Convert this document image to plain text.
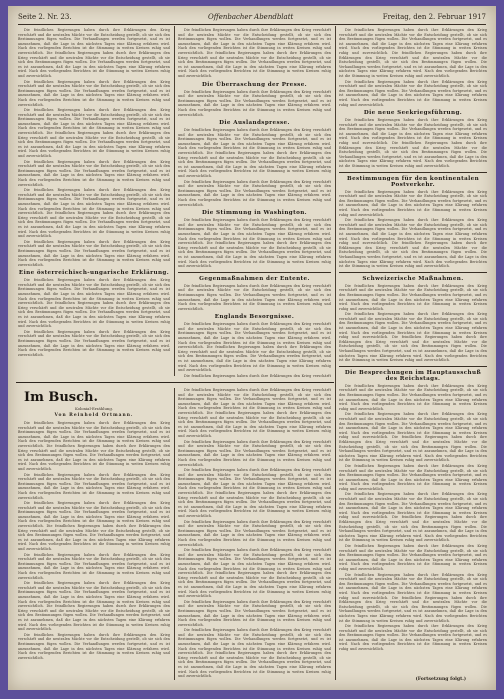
Seite 2. Nr. 23.	Offenbacher Abendblatt	Freitag, den 2. Februar 1917

Die feindlichen Regierungen haben durch ihre Erklärungen den Krieg verschärft und die neutralen Mächte vor die Entscheidung gestellt, ob sie sich den Bestimmungen fügen wollen. Die Verhandlungen werden fortgesetzt, und es ist anzunehmen, daß die Lage in den nächsten Tagen eine Klärung erfahren wird. Nach den vorliegenden Berichten ist die Stimmung in weiten Kreisen ruhig und zuversichtlich. Die feindlichen Regierungen haben durch ihre Erklärungen den Krieg verschärft und die neutralen Mächte vor die Entscheidung gestellt, ob sie sich den Bestimmungen fügen wollen. Die Verhandlungen werden fortgesetzt, und es ist anzunehmen, daß die Lage in den nächsten Tagen eine Klärung erfahren wird. Nach den vorliegenden Berichten ist die Stimmung in weiten Kreisen ruhig und zuversichtlich.

Die feindlichen Regierungen haben durch ihre Erklärungen den Krieg verschärft und die neutralen Mächte vor die Entscheidung gestellt, ob sie sich den Bestimmungen fügen wollen. Die Verhandlungen werden fortgesetzt, und es ist anzunehmen, daß die Lage in den nächsten Tagen eine Klärung erfahren wird. Nach den vorliegenden Berichten ist die Stimmung in weiten Kreisen ruhig und zuversichtlich.

Die feindlichen Regierungen haben durch ihre Erklärungen den Krieg verschärft und die neutralen Mächte vor die Entscheidung gestellt, ob sie sich den Bestimmungen fügen wollen. Die Verhandlungen werden fortgesetzt, und es ist anzunehmen, daß die Lage in den nächsten Tagen eine Klärung erfahren wird. Nach den vorliegenden Berichten ist die Stimmung in weiten Kreisen ruhig und zuversichtlich. Die feindlichen Regierungen haben durch ihre Erklärungen den Krieg verschärft und die neutralen Mächte vor die Entscheidung gestellt, ob sie sich den Bestimmungen fügen wollen. Die Verhandlungen werden fortgesetzt, und es ist anzunehmen, daß die Lage in den nächsten Tagen eine Klärung erfahren wird. Nach den vorliegenden Berichten ist die Stimmung in weiten Kreisen ruhig und zuversichtlich.

Die feindlichen Regierungen haben durch ihre Erklärungen den Krieg verschärft und die neutralen Mächte vor die Entscheidung gestellt, ob sie sich den Bestimmungen fügen wollen. Die Verhandlungen werden fortgesetzt, und es ist anzunehmen, daß die Lage in den nächsten Tagen eine Klärung erfahren wird. Nach den vorliegenden Berichten ist die Stimmung in weiten Kreisen ruhig und zuversichtlich.

Die feindlichen Regierungen haben durch ihre Erklärungen den Krieg verschärft und die neutralen Mächte vor die Entscheidung gestellt, ob sie sich den Bestimmungen fügen wollen. Die Verhandlungen werden fortgesetzt, und es ist anzunehmen, daß die Lage in den nächsten Tagen eine Klärung erfahren wird. Nach den vorliegenden Berichten ist die Stimmung in weiten Kreisen ruhig und zuversichtlich. Die feindlichen Regierungen haben durch ihre Erklärungen den Krieg verschärft und die neutralen Mächte vor die Entscheidung gestellt, ob sie sich den Bestimmungen fügen wollen. Die Verhandlungen werden fortgesetzt, und es ist anzunehmen, daß die Lage in den nächsten Tagen eine Klärung erfahren wird. Nach den vorliegenden Berichten ist die Stimmung in weiten Kreisen ruhig und zuversichtlich.

Die feindlichen Regierungen haben durch ihre Erklärungen den Krieg verschärft und die neutralen Mächte vor die Entscheidung gestellt, ob sie sich den Bestimmungen fügen wollen. Die Verhandlungen werden fortgesetzt, und es ist anzunehmen, daß die Lage in den nächsten Tagen eine Klärung erfahren wird. Nach den vorliegenden Berichten ist die Stimmung in weiten Kreisen ruhig und zuversichtlich.

Eine österreichisch-ungarische Erklärung.

Die feindlichen Regierungen haben durch ihre Erklärungen den Krieg verschärft und die neutralen Mächte vor die Entscheidung gestellt, ob sie sich den Bestimmungen fügen wollen. Die Verhandlungen werden fortgesetzt, und es ist anzunehmen, daß die Lage in den nächsten Tagen eine Klärung erfahren wird. Nach den vorliegenden Berichten ist die Stimmung in weiten Kreisen ruhig und zuversichtlich. Die feindlichen Regierungen haben durch ihre Erklärungen den Krieg verschärft und die neutralen Mächte vor die Entscheidung gestellt, ob sie sich den Bestimmungen fügen wollen. Die Verhandlungen werden fortgesetzt, und es ist anzunehmen, daß die Lage in den nächsten Tagen eine Klärung erfahren wird. Nach den vorliegenden Berichten ist die Stimmung in weiten Kreisen ruhig und zuversichtlich.

Die feindlichen Regierungen haben durch ihre Erklärungen den Krieg verschärft und die neutralen Mächte vor die Entscheidung gestellt, ob sie sich den Bestimmungen fügen wollen. Die Verhandlungen werden fortgesetzt, und es ist anzunehmen, daß die Lage in den nächsten Tagen eine Klärung erfahren wird. Nach den vorliegenden Berichten ist die Stimmung in weiten Kreisen ruhig und zuversichtlich.

Die feindlichen Regierungen haben durch ihre Erklärungen den Krieg verschärft und die neutralen Mächte vor die Entscheidung gestellt, ob sie sich den Bestimmungen fügen wollen. Die Verhandlungen werden fortgesetzt, und es ist anzunehmen, daß die Lage in den nächsten Tagen eine Klärung erfahren wird. Nach den vorliegenden Berichten ist die Stimmung in weiten Kreisen ruhig und zuversichtlich. Die feindlichen Regierungen haben durch ihre Erklärungen den Krieg verschärft und die neutralen Mächte vor die Entscheidung gestellt, ob sie sich den Bestimmungen fügen wollen. Die Verhandlungen werden fortgesetzt, und es ist anzunehmen, daß die Lage in den nächsten Tagen eine Klärung erfahren wird. Nach den vorliegenden Berichten ist die Stimmung in weiten Kreisen ruhig und zuversichtlich.

Die Überraschung der Presse.

Die feindlichen Regierungen haben durch ihre Erklärungen den Krieg verschärft und die neutralen Mächte vor die Entscheidung gestellt, ob sie sich den Bestimmungen fügen wollen. Die Verhandlungen werden fortgesetzt, und es ist anzunehmen, daß die Lage in den nächsten Tagen eine Klärung erfahren wird. Nach den vorliegenden Berichten ist die Stimmung in weiten Kreisen ruhig und zuversichtlich.

Die Auslandspresse.

Die feindlichen Regierungen haben durch ihre Erklärungen den Krieg verschärft und die neutralen Mächte vor die Entscheidung gestellt, ob sie sich den Bestimmungen fügen wollen. Die Verhandlungen werden fortgesetzt, und es ist anzunehmen, daß die Lage in den nächsten Tagen eine Klärung erfahren wird. Nach den vorliegenden Berichten ist die Stimmung in weiten Kreisen ruhig und zuversichtlich. Die feindlichen Regierungen haben durch ihre Erklärungen den Krieg verschärft und die neutralen Mächte vor die Entscheidung gestellt, ob sie sich den Bestimmungen fügen wollen. Die Verhandlungen werden fortgesetzt, und es ist anzunehmen, daß die Lage in den nächsten Tagen eine Klärung erfahren wird. Nach den vorliegenden Berichten ist die Stimmung in weiten Kreisen ruhig und zuversichtlich.

Die feindlichen Regierungen haben durch ihre Erklärungen den Krieg verschärft und die neutralen Mächte vor die Entscheidung gestellt, ob sie sich den Bestimmungen fügen wollen. Die Verhandlungen werden fortgesetzt, und es ist anzunehmen, daß die Lage in den nächsten Tagen eine Klärung erfahren wird. Nach den vorliegenden Berichten ist die Stimmung in weiten Kreisen ruhig und zuversichtlich.

Die Stimmung in Washington.

Die feindlichen Regierungen haben durch ihre Erklärungen den Krieg verschärft und die neutralen Mächte vor die Entscheidung gestellt, ob sie sich den Bestimmungen fügen wollen. Die Verhandlungen werden fortgesetzt, und es ist anzunehmen, daß die Lage in den nächsten Tagen eine Klärung erfahren wird. Nach den vorliegenden Berichten ist die Stimmung in weiten Kreisen ruhig und zuversichtlich. Die feindlichen Regierungen haben durch ihre Erklärungen den Krieg verschärft und die neutralen Mächte vor die Entscheidung gestellt, ob sie sich den Bestimmungen fügen wollen. Die Verhandlungen werden fortgesetzt, und es ist anzunehmen, daß die Lage in den nächsten Tagen eine Klärung erfahren wird. Nach den vorliegenden Berichten ist die Stimmung in weiten Kreisen ruhig und zuversichtlich.

Gegenmaßnahmen der Entente.

Die feindlichen Regierungen haben durch ihre Erklärungen den Krieg verschärft und die neutralen Mächte vor die Entscheidung gestellt, ob sie sich den Bestimmungen fügen wollen. Die Verhandlungen werden fortgesetzt, und es ist anzunehmen, daß die Lage in den nächsten Tagen eine Klärung erfahren wird. Nach den vorliegenden Berichten ist die Stimmung in weiten Kreisen ruhig und zuversichtlich.

Englands Besorgnisse.

Die feindlichen Regierungen haben durch ihre Erklärungen den Krieg verschärft und die neutralen Mächte vor die Entscheidung gestellt, ob sie sich den Bestimmungen fügen wollen. Die Verhandlungen werden fortgesetzt, und es ist anzunehmen, daß die Lage in den nächsten Tagen eine Klärung erfahren wird. Nach den vorliegenden Berichten ist die Stimmung in weiten Kreisen ruhig und zuversichtlich. Die feindlichen Regierungen haben durch ihre Erklärungen den Krieg verschärft und die neutralen Mächte vor die Entscheidung gestellt, ob sie sich den Bestimmungen fügen wollen. Die Verhandlungen werden fortgesetzt, und es ist anzunehmen, daß die Lage in den nächsten Tagen eine Klärung erfahren wird. Nach den vorliegenden Berichten ist die Stimmung in weiten Kreisen ruhig und zuversichtlich.

Die feindlichen Regierungen haben durch ihre Erklärungen den Krieg verschärft

Die feindlichen Regierungen haben durch ihre Erklärungen den Krieg verschärft und die neutralen Mächte vor die Entscheidung gestellt, ob sie sich den Bestimmungen fügen wollen. Die Verhandlungen werden fortgesetzt, und es ist anzunehmen, daß die Lage in den nächsten Tagen eine Klärung erfahren wird. Nach den vorliegenden Berichten ist die Stimmung in weiten Kreisen ruhig und zuversichtlich. Die feindlichen Regierungen haben durch ihre Erklärungen den Krieg verschärft und die neutralen Mächte vor die Entscheidung gestellt, ob sie sich den Bestimmungen fügen wollen. Die Verhandlungen werden fortgesetzt, und es ist anzunehmen, daß die Lage in den nächsten Tagen eine Klärung erfahren wird. Nach den vorliegenden Berichten ist die Stimmung in weiten Kreisen ruhig und zuversichtlich.

Die feindlichen Regierungen haben durch ihre Erklärungen den Krieg verschärft und die neutralen Mächte vor die Entscheidung gestellt, ob sie sich den Bestimmungen fügen wollen. Die Verhandlungen werden fortgesetzt, und es ist anzunehmen, daß die Lage in den nächsten Tagen eine Klärung erfahren wird. Nach den vorliegenden Berichten ist die Stimmung in weiten Kreisen ruhig und zuversichtlich.

Die neue Seekriegsführung.

Die feindlichen Regierungen haben durch ihre Erklärungen den Krieg verschärft und die neutralen Mächte vor die Entscheidung gestellt, ob sie sich den Bestimmungen fügen wollen. Die Verhandlungen werden fortgesetzt, und es ist anzunehmen, daß die Lage in den nächsten Tagen eine Klärung erfahren wird. Nach den vorliegenden Berichten ist die Stimmung in weiten Kreisen ruhig und zuversichtlich. Die feindlichen Regierungen haben durch ihre Erklärungen den Krieg verschärft und die neutralen Mächte vor die Entscheidung gestellt, ob sie sich den Bestimmungen fügen wollen. Die Verhandlungen werden fortgesetzt, und es ist anzunehmen, daß die Lage in den nächsten Tagen eine Klärung erfahren wird. Nach den vorliegenden Berichten ist die Stimmung in weiten Kreisen ruhig und zuversichtlich.

Bestimmungen für den kontinentalen Postverkehr.

Die feindlichen Regierungen haben durch ihre Erklärungen den Krieg verschärft und die neutralen Mächte vor die Entscheidung gestellt, ob sie sich den Bestimmungen fügen wollen. Die Verhandlungen werden fortgesetzt, und es ist anzunehmen, daß die Lage in den nächsten Tagen eine Klärung erfahren wird. Nach den vorliegenden Berichten ist die Stimmung in weiten Kreisen ruhig und zuversichtlich.

Die feindlichen Regierungen haben durch ihre Erklärungen den Krieg verschärft und die neutralen Mächte vor die Entscheidung gestellt, ob sie sich den Bestimmungen fügen wollen. Die Verhandlungen werden fortgesetzt, und es ist anzunehmen, daß die Lage in den nächsten Tagen eine Klärung erfahren wird. Nach den vorliegenden Berichten ist die Stimmung in weiten Kreisen ruhig und zuversichtlich. Die feindlichen Regierungen haben durch ihre Erklärungen den Krieg verschärft und die neutralen Mächte vor die Entscheidung gestellt, ob sie sich den Bestimmungen fügen wollen. Die Verhandlungen werden fortgesetzt, und es ist anzunehmen, daß die Lage in den nächsten Tagen eine Klärung erfahren wird. Nach den vorliegenden Berichten ist die Stimmung in weiten Kreisen ruhig und zuversichtlich.

Schweizerische Maßnahmen.

Die feindlichen Regierungen haben durch ihre Erklärungen den Krieg verschärft und die neutralen Mächte vor die Entscheidung gestellt, ob sie sich den Bestimmungen fügen wollen. Die Verhandlungen werden fortgesetzt, und es ist anzunehmen, daß die Lage in den nächsten Tagen eine Klärung erfahren wird. Nach den vorliegenden Berichten ist die Stimmung in weiten Kreisen ruhig und zuversichtlich.

Die feindlichen Regierungen haben durch ihre Erklärungen den Krieg verschärft und die neutralen Mächte vor die Entscheidung gestellt, ob sie sich den Bestimmungen fügen wollen. Die Verhandlungen werden fortgesetzt, und es ist anzunehmen, daß die Lage in den nächsten Tagen eine Klärung erfahren wird. Nach den vorliegenden Berichten ist die Stimmung in weiten Kreisen ruhig und zuversichtlich. Die feindlichen Regierungen haben durch ihre Erklärungen den Krieg verschärft und die neutralen Mächte vor die Entscheidung gestellt, ob sie sich den Bestimmungen fügen wollen. Die Verhandlungen werden fortgesetzt, und es ist anzunehmen, daß die Lage in den nächsten Tagen eine Klärung erfahren wird. Nach den vorliegenden Berichten ist die Stimmung in weiten Kreisen ruhig und zuversichtlich.

Die Besprechungen im Hauptausschuß des Reichstags.

Die feindlichen Regierungen haben durch ihre Erklärungen den Krieg verschärft und die neutralen Mächte vor die Entscheidung gestellt, ob sie sich den Bestimmungen fügen wollen. Die Verhandlungen werden fortgesetzt, und es ist anzunehmen, daß die Lage in den nächsten Tagen eine Klärung erfahren wird. Nach den vorliegenden Berichten ist die Stimmung in weiten Kreisen ruhig und zuversichtlich.

Die feindlichen Regierungen haben durch ihre Erklärungen den Krieg verschärft und die neutralen Mächte vor die Entscheidung gestellt, ob sie sich den Bestimmungen fügen wollen. Die Verhandlungen werden fortgesetzt, und es ist anzunehmen, daß die Lage in den nächsten Tagen eine Klärung erfahren wird. Nach den vorliegenden Berichten ist die Stimmung in weiten Kreisen ruhig und zuversichtlich. Die feindlichen Regierungen haben durch ihre Erklärungen den Krieg verschärft und die neutralen Mächte vor die Entscheidung gestellt, ob sie sich den Bestimmungen fügen wollen. Die Verhandlungen werden fortgesetzt, und es ist anzunehmen, daß die Lage in den nächsten Tagen eine Klärung erfahren wird. Nach den vorliegenden Berichten ist die Stimmung in weiten Kreisen ruhig und zuversichtlich.

Die feindlichen Regierungen haben durch ihre Erklärungen den Krieg verschärft und die neutralen Mächte vor die Entscheidung gestellt, ob sie sich den Bestimmungen fügen wollen. Die Verhandlungen werden fortgesetzt, und es ist anzunehmen, daß die Lage in den nächsten Tagen eine Klärung erfahren wird. Nach den vorliegenden Berichten ist die Stimmung in weiten Kreisen ruhig und zuversichtlich.

Die feindlichen Regierungen haben durch ihre Erklärungen den Krieg verschärft und die neutralen Mächte vor die Entscheidung gestellt, ob sie sich den Bestimmungen fügen wollen. Die Verhandlungen werden fortgesetzt, und es ist anzunehmen, daß die Lage in den nächsten Tagen eine Klärung erfahren wird. Nach den vorliegenden Berichten ist die Stimmung in weiten Kreisen ruhig und zuversichtlich. Die feindlichen Regierungen haben durch ihre Erklärungen den Krieg verschärft und die neutralen Mächte vor die Entscheidung gestellt, ob sie sich den Bestimmungen fügen wollen. Die Verhandlungen werden fortgesetzt, und es ist anzunehmen, daß die Lage in den nächsten Tagen eine Klärung erfahren wird. Nach den vorliegenden Berichten ist die Stimmung in weiten Kreisen ruhig und zuversichtlich.

Die feindlichen Regierungen haben durch ihre Erklärungen den Krieg verschärft und die neutralen Mächte vor die Entscheidung gestellt, ob sie sich den Bestimmungen fügen wollen. Die Verhandlungen werden fortgesetzt, und es ist anzunehmen, daß die Lage in den nächsten Tagen eine Klärung erfahren wird. Nach den vorliegenden Berichten ist die Stimmung in weiten Kreisen ruhig und zuversichtlich.

Die feindlichen Regierungen haben durch ihre Erklärungen den Krieg verschärft und die neutralen Mächte vor die Entscheidung gestellt, ob sie sich den Bestimmungen fügen wollen. Die Verhandlungen werden fortgesetzt, und es ist anzunehmen, daß die Lage in den nächsten Tagen eine Klärung erfahren wird. Nach den vorliegenden Berichten ist die Stimmung in weiten Kreisen ruhig und zuversichtlich. Die feindlichen Regierungen haben durch ihre Erklärungen den Krieg verschärft und die neutralen Mächte vor die Entscheidung gestellt, ob sie sich den Bestimmungen fügen wollen. Die Verhandlungen werden fortgesetzt, und es ist anzunehmen, daß die Lage in den nächsten Tagen eine Klärung erfahren wird. Nach den vorliegenden Berichten ist die Stimmung in weiten Kreisen ruhig und zuversichtlich.

Die feindlichen Regierungen haben durch ihre Erklärungen den Krieg verschärft und die neutralen Mächte vor die Entscheidung gestellt, ob sie sich den Bestimmungen fügen wollen. Die Verhandlungen werden fortgesetzt, und es ist anzunehmen, daß die Lage in den nächsten Tagen eine Klärung erfahren wird. Nach den vorliegenden Berichten ist die Stimmung in weiten Kreisen ruhig und zuversichtlich.

Im Busch.
Kolonial-Erzählung.
Von Reinhold Ortmann.

Die feindlichen Regierungen haben durch ihre Erklärungen den Krieg verschärft und die neutralen Mächte vor die Entscheidung gestellt, ob sie sich den Bestimmungen fügen wollen. Die Verhandlungen werden fortgesetzt, und es ist anzunehmen, daß die Lage in den nächsten Tagen eine Klärung erfahren wird. Nach den vorliegenden Berichten ist die Stimmung in weiten Kreisen ruhig und zuversichtlich. Die feindlichen Regierungen haben durch ihre Erklärungen den Krieg verschärft und die neutralen Mächte vor die Entscheidung gestellt, ob sie sich den Bestimmungen fügen wollen. Die Verhandlungen werden fortgesetzt, und es ist anzunehmen, daß die Lage in den nächsten Tagen eine Klärung erfahren wird. Nach den vorliegenden Berichten ist die Stimmung in weiten Kreisen ruhig und zuversichtlich.

Die feindlichen Regierungen haben durch ihre Erklärungen den Krieg verschärft und die neutralen Mächte vor die Entscheidung gestellt, ob sie sich den Bestimmungen fügen wollen. Die Verhandlungen werden fortgesetzt, und es ist anzunehmen, daß die Lage in den nächsten Tagen eine Klärung erfahren wird. Nach den vorliegenden Berichten ist die Stimmung in weiten Kreisen ruhig und zuversichtlich.

Die feindlichen Regierungen haben durch ihre Erklärungen den Krieg verschärft und die neutralen Mächte vor die Entscheidung gestellt, ob sie sich den Bestimmungen fügen wollen. Die Verhandlungen werden fortgesetzt, und es ist anzunehmen, daß die Lage in den nächsten Tagen eine Klärung erfahren wird. Nach den vorliegenden Berichten ist die Stimmung in weiten Kreisen ruhig und zuversichtlich. Die feindlichen Regierungen haben durch ihre Erklärungen den Krieg verschärft und die neutralen Mächte vor die Entscheidung gestellt, ob sie sich den Bestimmungen fügen wollen. Die Verhandlungen werden fortgesetzt, und es ist anzunehmen, daß die Lage in den nächsten Tagen eine Klärung erfahren wird. Nach den vorliegenden Berichten ist die Stimmung in weiten Kreisen ruhig und zuversichtlich.

Die feindlichen Regierungen haben durch ihre Erklärungen den Krieg verschärft und die neutralen Mächte vor die Entscheidung gestellt, ob sie sich den Bestimmungen fügen wollen. Die Verhandlungen werden fortgesetzt, und es ist anzunehmen, daß die Lage in den nächsten Tagen eine Klärung erfahren wird. Nach den vorliegenden Berichten ist die Stimmung in weiten Kreisen ruhig und zuversichtlich.

Die feindlichen Regierungen haben durch ihre Erklärungen den Krieg verschärft und die neutralen Mächte vor die Entscheidung gestellt, ob sie sich den Bestimmungen fügen wollen. Die Verhandlungen werden fortgesetzt, und es ist anzunehmen, daß die Lage in den nächsten Tagen eine Klärung erfahren wird. Nach den vorliegenden Berichten ist die Stimmung in weiten Kreisen ruhig und zuversichtlich. Die feindlichen Regierungen haben durch ihre Erklärungen den Krieg verschärft und die neutralen Mächte vor die Entscheidung gestellt, ob sie sich den Bestimmungen fügen wollen. Die Verhandlungen werden fortgesetzt, und es ist anzunehmen, daß die Lage in den nächsten Tagen eine Klärung erfahren wird. Nach den vorliegenden Berichten ist die Stimmung in weiten Kreisen ruhig und zuversichtlich.

Die feindlichen Regierungen haben durch ihre Erklärungen den Krieg verschärft und die neutralen Mächte vor die Entscheidung gestellt, ob sie sich den Bestimmungen fügen wollen. Die Verhandlungen werden fortgesetzt, und es ist anzunehmen, daß die Lage in den nächsten Tagen eine Klärung erfahren wird. Nach den vorliegenden Berichten ist die Stimmung in weiten Kreisen ruhig und zuversichtlich.

Die feindlichen Regierungen haben durch ihre Erklärungen den Krieg verschärft und die neutralen Mächte vor die Entscheidung gestellt, ob sie sich den Bestimmungen fügen wollen. Die Verhandlungen werden fortgesetzt, und es ist anzunehmen, daß die Lage in den nächsten Tagen eine Klärung erfahren wird. Nach den vorliegenden Berichten ist die Stimmung in weiten Kreisen ruhig und zuversichtlich. Die feindlichen Regierungen haben durch ihre Erklärungen den Krieg verschärft und die neutralen Mächte vor die Entscheidung gestellt, ob sie sich den Bestimmungen fügen wollen. Die Verhandlungen werden fortgesetzt, und es ist anzunehmen, daß die Lage in den nächsten Tagen eine Klärung erfahren wird. Nach den vorliegenden Berichten ist die Stimmung in weiten Kreisen ruhig und zuversichtlich.

Die feindlichen Regierungen haben durch ihre Erklärungen den Krieg verschärft und die neutralen Mächte vor die Entscheidung gestellt, ob sie sich den Bestimmungen fügen wollen. Die Verhandlungen werden fortgesetzt, und es ist anzunehmen, daß die Lage in den nächsten Tagen eine Klärung erfahren wird. Nach den vorliegenden Berichten ist die Stimmung in weiten Kreisen ruhig und zuversichtlich.

Die feindlichen Regierungen haben durch ihre Erklärungen den Krieg verschärft und die neutralen Mächte vor die Entscheidung gestellt, ob sie sich den Bestimmungen fügen wollen. Die Verhandlungen werden fortgesetzt, und es ist anzunehmen, daß die Lage in den nächsten Tagen eine Klärung erfahren wird. Nach den vorliegenden Berichten ist die Stimmung in weiten Kreisen ruhig und zuversichtlich. Die feindlichen Regierungen haben durch ihre Erklärungen den Krieg verschärft und die neutralen Mächte vor die Entscheidung gestellt, ob sie sich den Bestimmungen fügen wollen. Die Verhandlungen werden fortgesetzt, und es ist anzunehmen, daß die Lage in den nächsten Tagen eine Klärung erfahren wird. Nach den vorliegenden Berichten ist die Stimmung in weiten Kreisen ruhig und zuversichtlich.

Die feindlichen Regierungen haben durch ihre Erklärungen den Krieg verschärft und die neutralen Mächte vor die Entscheidung gestellt, ob sie sich den Bestimmungen fügen wollen. Die Verhandlungen werden fortgesetzt, und es ist anzunehmen, daß die Lage in den nächsten Tagen eine Klärung erfahren wird. Nach den vorliegenden Berichten ist die Stimmung in weiten Kreisen ruhig und zuversichtlich.

Die feindlichen Regierungen haben durch ihre Erklärungen den Krieg verschärft und die neutralen Mächte vor die Entscheidung gestellt, ob sie sich den Bestimmungen fügen wollen. Die Verhandlungen werden fortgesetzt, und es ist anzunehmen, daß die Lage in den nächsten Tagen eine Klärung erfahren wird. Nach den vorliegenden Berichten ist die Stimmung in weiten Kreisen ruhig und zuversichtlich. Die feindlichen Regierungen haben durch ihre Erklärungen den Krieg verschärft und die neutralen Mächte vor die Entscheidung gestellt, ob sie sich den Bestimmungen fügen wollen. Die Verhandlungen werden fortgesetzt, und es ist anzunehmen, daß die Lage in den nächsten Tagen eine Klärung erfahren wird. Nach den vorliegenden Berichten ist die Stimmung in weiten Kreisen ruhig und zuversichtlich.

Die feindlichen Regierungen haben durch ihre Erklärungen den Krieg verschärft und die neutralen Mächte vor die Entscheidung gestellt, ob sie sich den Bestimmungen fügen wollen. Die Verhandlungen werden fortgesetzt, und es ist anzunehmen, daß die Lage in den nächsten Tagen eine Klärung erfahren wird. Nach den vorliegenden Berichten ist die Stimmung in weiten Kreisen ruhig und zuversichtlich.

Die feindlichen Regierungen haben durch ihre Erklärungen den Krieg verschärft und die neutralen Mächte vor die Entscheidung gestellt, ob sie sich den Bestimmungen fügen wollen. Die Verhandlungen werden fortgesetzt, und es ist anzunehmen, daß die Lage in den nächsten Tagen eine Klärung erfahren wird. Nach den vorliegenden Berichten ist die Stimmung in weiten Kreisen ruhig und zuversichtlich. Die feindlichen Regierungen haben durch ihre Erklärungen den Krieg verschärft und die neutralen Mächte vor die Entscheidung gestellt, ob sie sich den Bestimmungen fügen wollen. Die Verhandlungen werden fortgesetzt, und es ist anzunehmen, daß die Lage in den nächsten Tagen eine Klärung erfahren wird. Nach den vorliegenden Berichten ist die Stimmung in weiten Kreisen ruhig und zuversichtlich.

(Fortsetzung folgt.)
